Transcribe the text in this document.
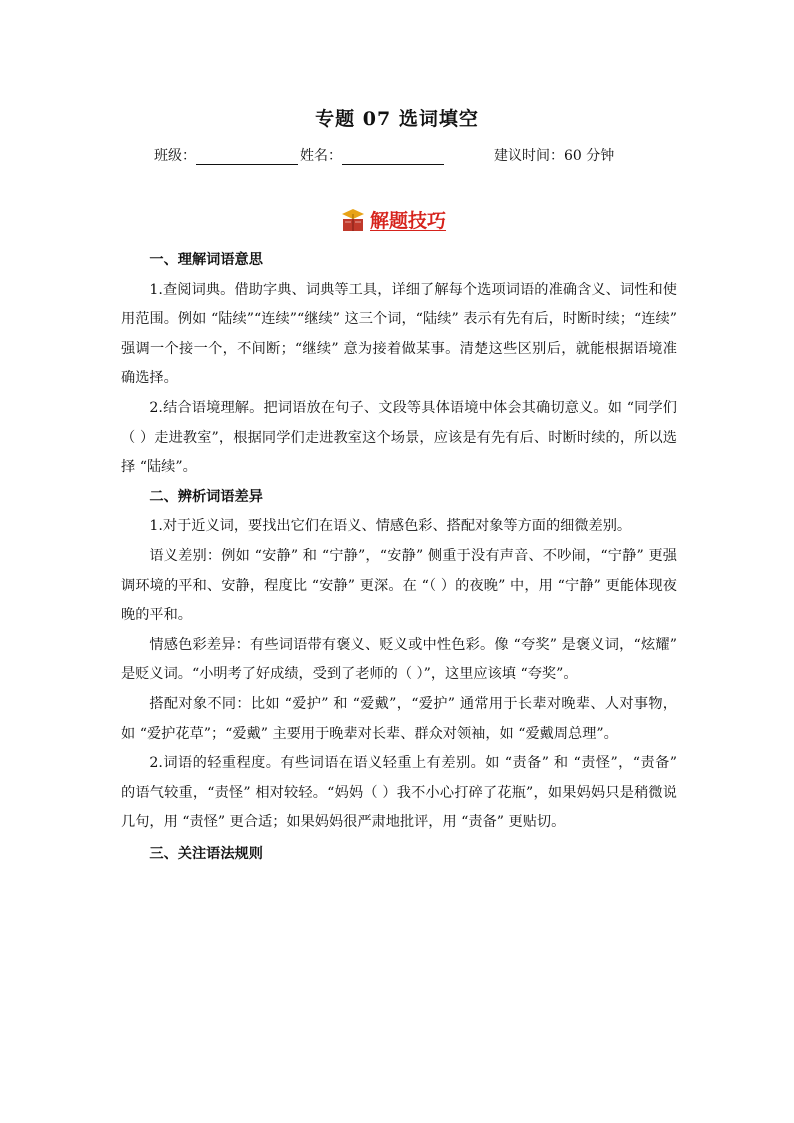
专题 07 选词填空
班级：	姓名：	建议时间：60 分钟
解题技巧
一、理解词语意思

1.查阅词典。借助字典、词典等工具，详细了解每个选项词语的准确含义、词性和使用范围。例如 “陆续”“连续”“继续” 这三个词，“陆续” 表示有先有后，时断时续；“连续” 强调一个接一个，不间断；“继续” 意为接着做某事。清楚这些区别后，就能根据语境准确选择。

2.结合语境理解。把词语放在句子、文段等具体语境中体会其确切意义。如 “同学们（ ）走进教室”，根据同学们走进教室这个场景，应该是有先有后、时断时续的，所以选择 “陆续”。

二、辨析词语差异

1.对于近义词，要找出它们在语义、情感色彩、搭配对象等方面的细微差别。

语义差别：例如 “安静” 和 “宁静”，“安静” 侧重于没有声音、不吵闹，“宁静” 更强调环境的平和、安静，程度比 “安静” 更深。在 “（ ）的夜晚” 中，用 “宁静” 更能体现夜晚的平和。

情感色彩差异：有些词语带有褒义、贬义或中性色彩。像 “夸奖” 是褒义词，“炫耀” 是贬义词。“小明考了好成绩，受到了老师的（ ）”，这里应该填 “夸奖”。

搭配对象不同：比如 “爱护” 和 “爱戴”，“爱护” 通常用于长辈对晚辈、人对事物，如 “爱护花草”；“爱戴” 主要用于晚辈对长辈、群众对领袖，如 “爱戴周总理”。

2.词语的轻重程度。有些词语在语义轻重上有差别。如 “责备” 和 “责怪”，“责备” 的语气较重，“责怪” 相对较轻。“妈妈（ ）我不小心打碎了花瓶”，如果妈妈只是稍微说几句，用 “责怪” 更合适；如果妈妈很严肃地批评，用 “责备” 更贴切。

三、关注语法规则
